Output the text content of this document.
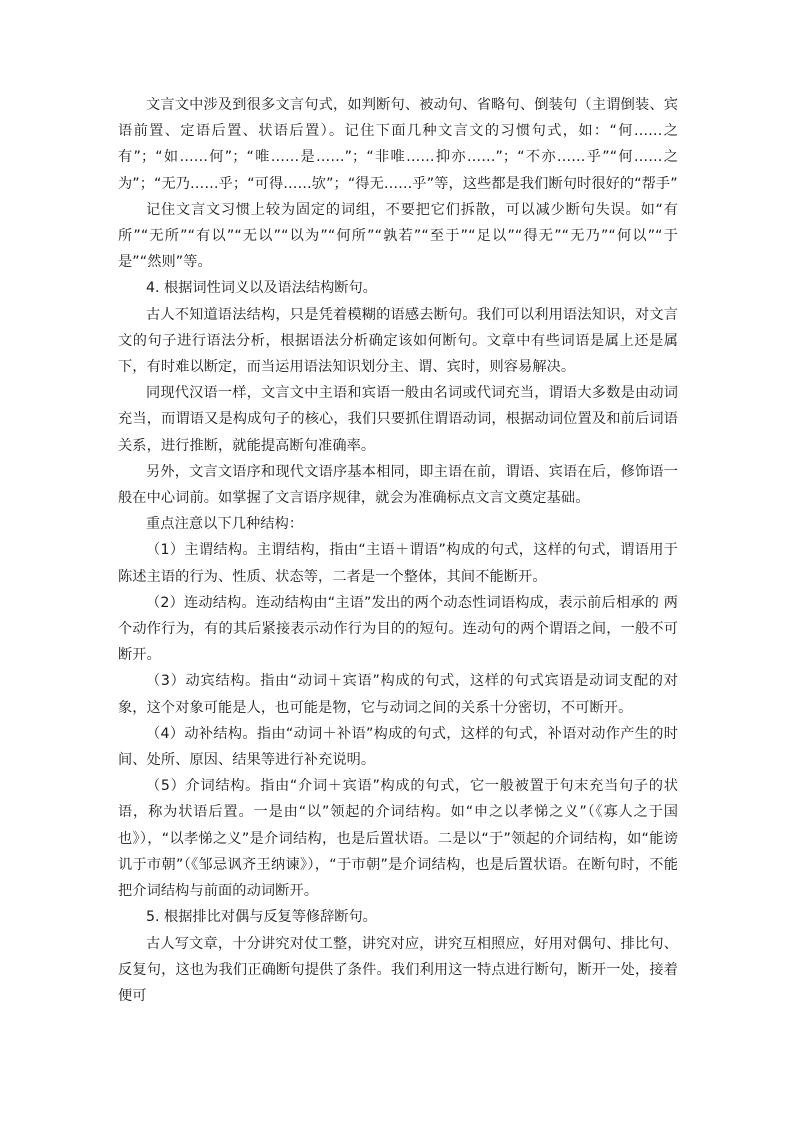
文言文中涉及到很多文言句式，如判断句、被动句、省略句、倒装句（主谓倒装、宾语前置、定语后置、状语后置）。记住下面几种文言文的习惯句式，如：“何……之有”；“如……何”；“唯……是……”；“非唯……抑亦……”；“不亦……乎”“何……之为”；“无乃……乎；“可得……欤”；“得无……乎”等，这些都是我们断句时很好的“帮手”

记住文言文习惯上较为固定的词组，不要把它们拆散，可以减少断句失误。如“有所”“无所”“有以”“无以”“以为”“何所”“孰若”“至于”“足以”“得无”“无乃”“何以”“于是”“然则”等。

4. 根据词性词义以及语法结构断句。

古人不知道语法结构，只是凭着模糊的语感去断句。我们可以利用语法知识，对文言文的句子进行语法分析，根据语法分析确定该如何断句。文章中有些词语是属上还是属下，有时难以断定，而当运用语法知识划分主、谓、宾时，则容易解决。

同现代汉语一样，文言文中主语和宾语一般由名词或代词充当，谓语大多数是由动词充当，而谓语又是构成句子的核心，我们只要抓住谓语动词，根据动词位置及和前后词语关系，进行推断，就能提高断句准确率。

另外，文言文语序和现代文语序基本相同，即主语在前，谓语、宾语在后，修饰语一般在中心词前。如掌握了文言语序规律，就会为准确标点文言文奠定基础。

重点注意以下几种结构：

（1）主谓结构。主谓结构，指由“主语＋谓语”构成的句式，这样的句式，谓语用于陈述主语的行为、性质、状态等，二者是一个整体，其间不能断开。

（2）连动结构。连动结构由“主语”发出的两个动态性词语构成，表示前后相承的 两个动作行为，有的其后紧接表示动作行为目的的短句。连动句的两个谓语之间，一般不可断开。

（3）动宾结构。指由“动词＋宾语”构成的句式，这样的句式宾语是动词支配的对象，这个对象可能是人，也可能是物，它与动词之间的关系十分密切，不可断开。

（4）动补结构。指由“动词＋补语”构成的句式，这样的句式，补语对动作产生的时间、处所、原因、结果等进行补充说明。

（5）介词结构。指由“介词＋宾语”构成的句式，它一般被置于句末充当句子的状语，称为状语后置。一是由“以”领起的介词结构。如“申之以孝悌之义”（《寡人之于国也》），“以孝悌之义”是介词结构，也是后置状语。二是以“于”领起的介词结构，如“能谤讥于市朝”（《邹忌讽齐王纳谏》），“于市朝”是介词结构，也是后置状语。在断句时，不能把介词结构与前面的动词断开。

5. 根据排比对偶与反复等修辞断句。

古人写文章，十分讲究对仗工整，讲究对应，讲究互相照应，好用对偶句、排比句、反复句，这也为我们正确断句提供了条件。我们利用这一特点进行断句，断开一处，接着便可
